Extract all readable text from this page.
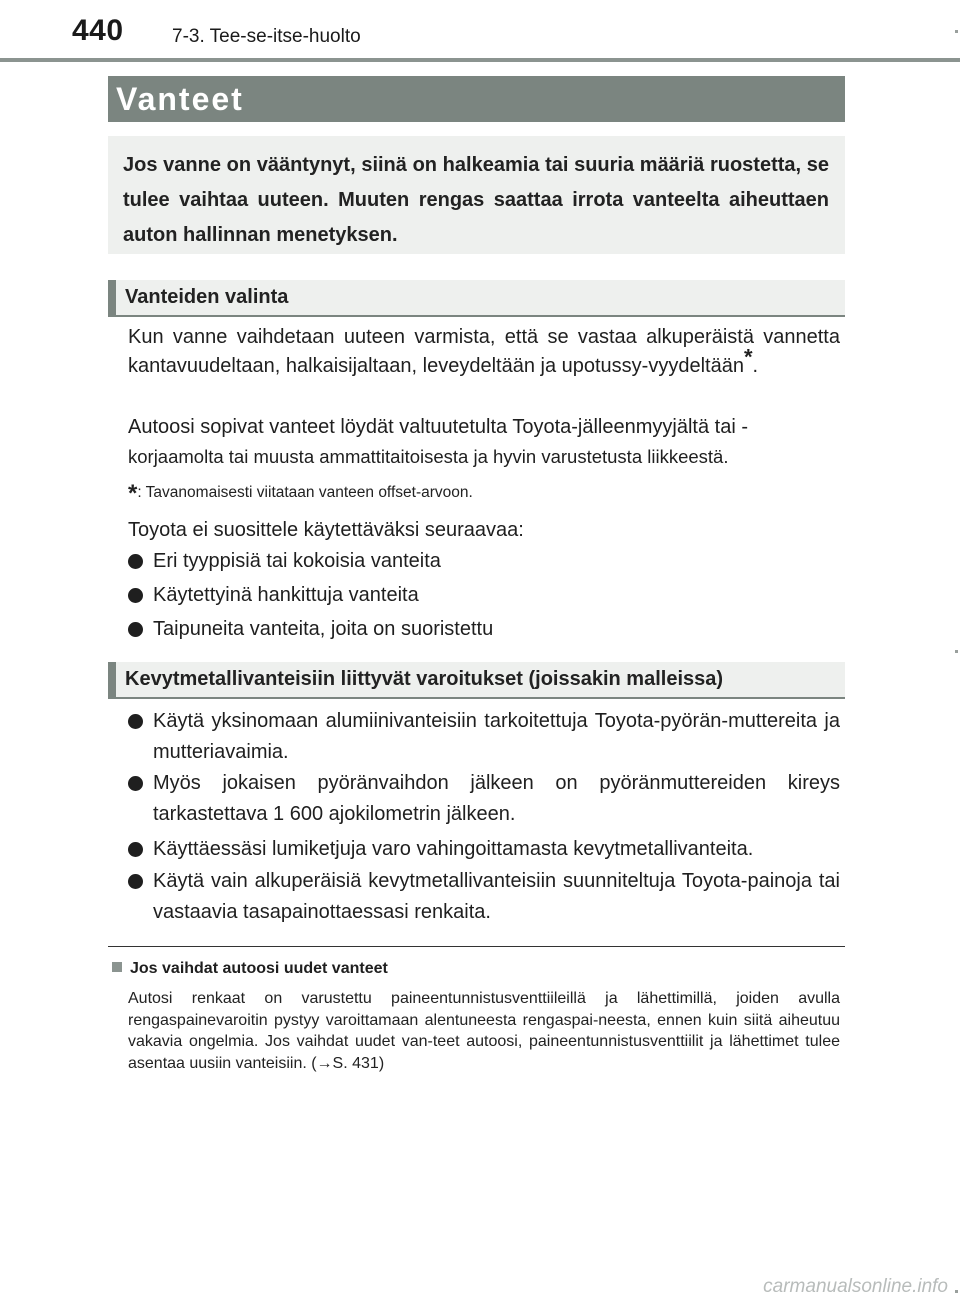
440	7-3. Tee-se-itse-huolto
Vanteet
Jos vanne on vääntynyt, siinä on halkeamia tai suuria määriä ruostetta, se tulee vaihtaa uuteen. Muuten rengas saattaa irrota vanteelta aiheuttaen auton hallinnan menetyksen.
Vanteiden valinta
Kun vanne vaihdetaan uuteen varmista, että se vastaa alkuperäistä vannetta kantavuudeltaan, halkaisijaltaan, leveydeltään ja upotussy-vyydeltään*.
Autoosi sopivat vanteet löydät valtuutetulta Toyota-jälleenmyyjältä tai -
korjaamolta tai muusta ammattitaitoisesta ja hyvin varustetusta liikkeestä.
*: Tavanomaisesti viitataan vanteen offset-arvoon.
Toyota ei suosittele käytettäväksi seuraavaa:
Eri tyyppisiä tai kokoisia vanteita
Käytettyinä hankittuja vanteita
Taipuneita vanteita, joita on suoristettu
Kevytmetallivanteisiin liittyvät varoitukset (joissakin malleissa)
Käytä yksinomaan alumiinivanteisiin tarkoitettuja Toyota-pyörän-muttereita ja mutteriavaimia.
Myös jokaisen pyöränvaihdon jälkeen on pyöränmuttereiden kireys tarkastettava 1 600 ajokilometrin jälkeen.
Käyttäessäsi lumiketjuja varo vahingoittamasta kevytmetallivanteita.
Käytä vain alkuperäisiä kevytmetallivanteisiin suunniteltuja Toyota-painoja tai vastaavia tasapainottaessasi renkaita.
Jos vaihdat autoosi uudet vanteet
Autosi renkaat on varustettu paineentunnistusventtiileillä ja lähettimillä, joiden avulla rengaspainevaroitin pystyy varoittamaan alentuneesta rengaspai-neesta, ennen kuin siitä aiheutuu vakavia ongelmia. Jos vaihdat uudet van-teet autoosi, paineentunnistusventtiilit ja lähettimet tulee asentaa uusiin vanteisiin. (→S. 431)
carmanualsonline.info
